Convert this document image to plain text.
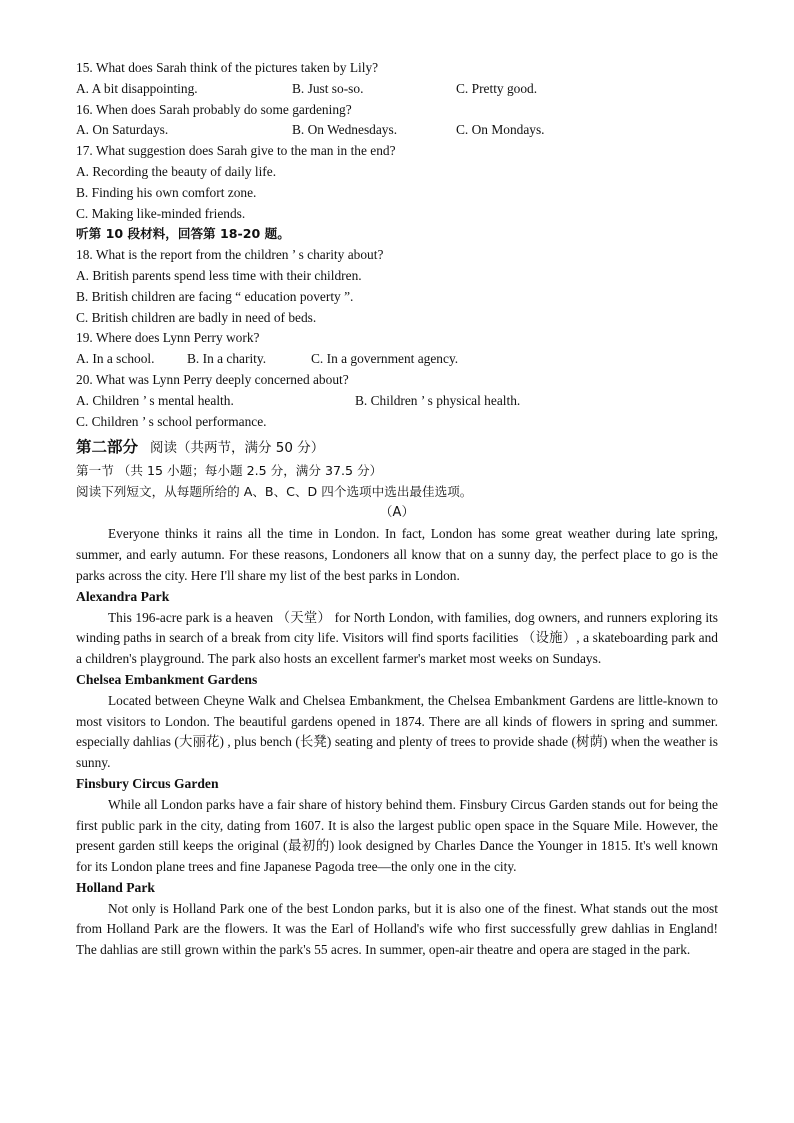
15. What does Sarah think of the pictures taken by Lily?
A. A bit disappointing.	B. Just so-so.	C. Pretty good.
16. When does Sarah probably do some gardening?
A. On Saturdays.	B. On Wednesdays.	C. On Mondays.
17. What suggestion does Sarah give to the man in the end?
A. Recording the beauty of daily life.
B. Finding his own comfort zone.
C. Making like-minded friends.
听第 10 段材料，回答第 18-20 题。
18. What is the report from the children ’ s charity about?
A. British parents spend less time with their children.
B. British children are facing “ education poverty ”.
C. British children are badly in need of beds.
19. Where does Lynn Perry work?
A. In a school.	B. In a charity.	C. In a government agency.
20. What was Lynn Perry deeply concerned about?
A. Children ’ s mental health.	B. Children ’ s physical health.
C. Children ’ s school performance.
第二部分 阅读（共两节，满分 50 分）
第一节 （共 15 小题；每小题 2.5 分，满分 37.5 分）
阅读下列短文，从每题所给的 A、B、C、D 四个选项中选出最佳选项。
（A）

Everyone thinks it rains all the time in London. In fact, London has some great weather during late spring, summer, and early autumn. For these reasons, Londoners all know that on a sunny day, the perfect place to go is the parks across the city. Here I'll share my list of the best parks in London.

Alexandra Park

This 196-acre park is a heaven （天堂） for North London, with families, dog owners, and runners exploring its winding paths in search of a break from city life. Visitors will find sports facilities （设施）, a skateboarding park and a children's playground. The park also hosts an excellent farmer's market most weeks on Sundays.

Chelsea Embankment Gardens

Located between Cheyne Walk and Chelsea Embankment, the Chelsea Embankment Gardens are little-known to most visitors to London. The beautiful gardens opened in 1874. There are all kinds of flowers in spring and summer. especially dahlias (大丽花) , plus bench (长凳) seating and plenty of trees to provide shade (树荫) when the weather is sunny.

Finsbury Circus Garden

While all London parks have a fair share of history behind them. Finsbury Circus Garden stands out for being the first public park in the city, dating from 1607. It is also the largest public open space in the Square Mile. However, the present garden still keeps the original (最初的) look designed by Charles Dance the Younger in 1815. It's well known for its London plane trees and fine Japanese Pagoda tree—the only one in the city.

Holland Park

Not only is Holland Park one of the best London parks, but it is also one of the finest. What stands out the most from Holland Park are the flowers. It was the Earl of Holland's wife who first successfully grew dahlias in England! The dahlias are still grown within the park's 55 acres. In summer, open-air theatre and opera are staged in the park.
